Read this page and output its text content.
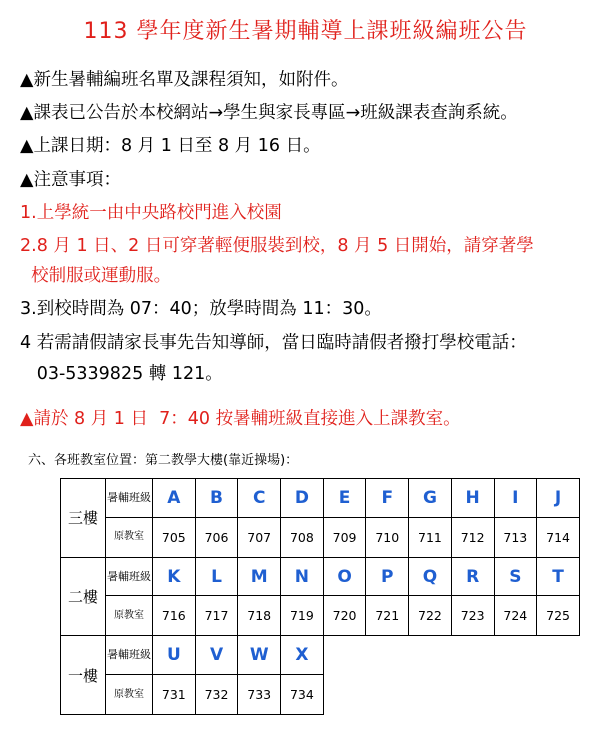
113 學年度新生暑期輔導上課班級編班公告
▲新生暑輔編班名單及課程須知，如附件。
▲課表已公告於本校網站→學生與家長專區→班級課表查詢系統。
▲上課日期：8 月 1 日至 8 月 16 日。
▲注意事項：
1.上學統一由中央路校門進入校園
2.8 月 1 日、2 日可穿著輕便服裝到校，8 月 5 日開始，請穿著學
校制服或運動服。
3.到校時間為 07：40；放學時間為 11：30。
4 若需請假請家長事先告知導師，當日臨時請假者撥打學校電話：
03-5339825 轉 121。
▲請於 8 月 1 日  7：40 按暑輔班級直接進入上課教室。
六、各班教室位置：第二教學大樓(靠近操場)：
三樓	暑輔班級	A	B	C	D	E	F	G	H	I	J
	原教室	705	706	707	708	709	710	711	712	713	714
二樓	暑輔班級	K	L	M	N	O	P	Q	R	S	T
	原教室	716	717	718	719	720	721	722	723	724	725
一樓	暑輔班級	U	V	W	X						
	原教室	731	732	733	734						
